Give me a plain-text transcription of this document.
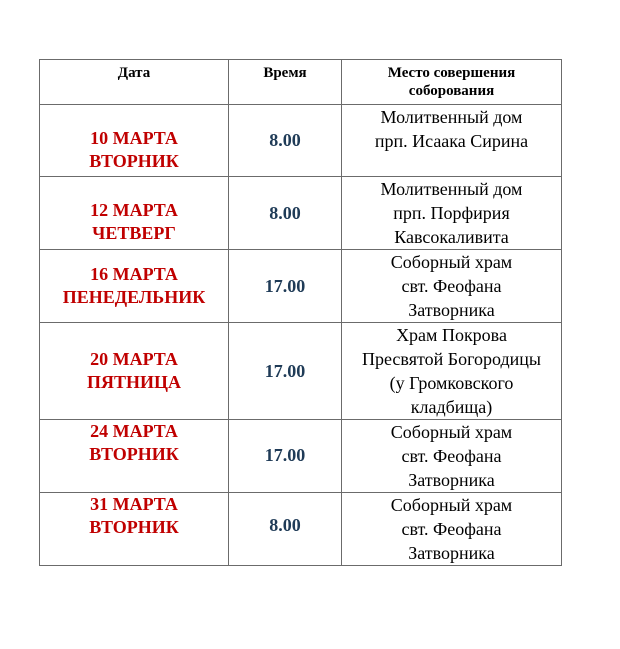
Дата	Время	Место совершения
соборования

10 МАРТА
ВТОРНИК	8.00	Молитвенный дом
прп. Исаака Сирина

12 МАРТА
ЧЕТВЕРГ	8.00	Молитвенный дом
прп. Порфирия
Кавсокаливита

16 МАРТА
ПЕНЕДЕЛЬНИК	17.00	Соборный храм
свт. Феофана
Затворника

20 МАРТА
ПЯТНИЦА	17.00	Храм Покрова
Пресвятой Богородицы
(у Громковского
кладбища)

24 МАРТА
ВТОРНИК	17.00	Соборный храм
свт. Феофана
Затворника

31 МАРТА
ВТОРНИК	8.00	Соборный храм
свт. Феофана
Затворника
